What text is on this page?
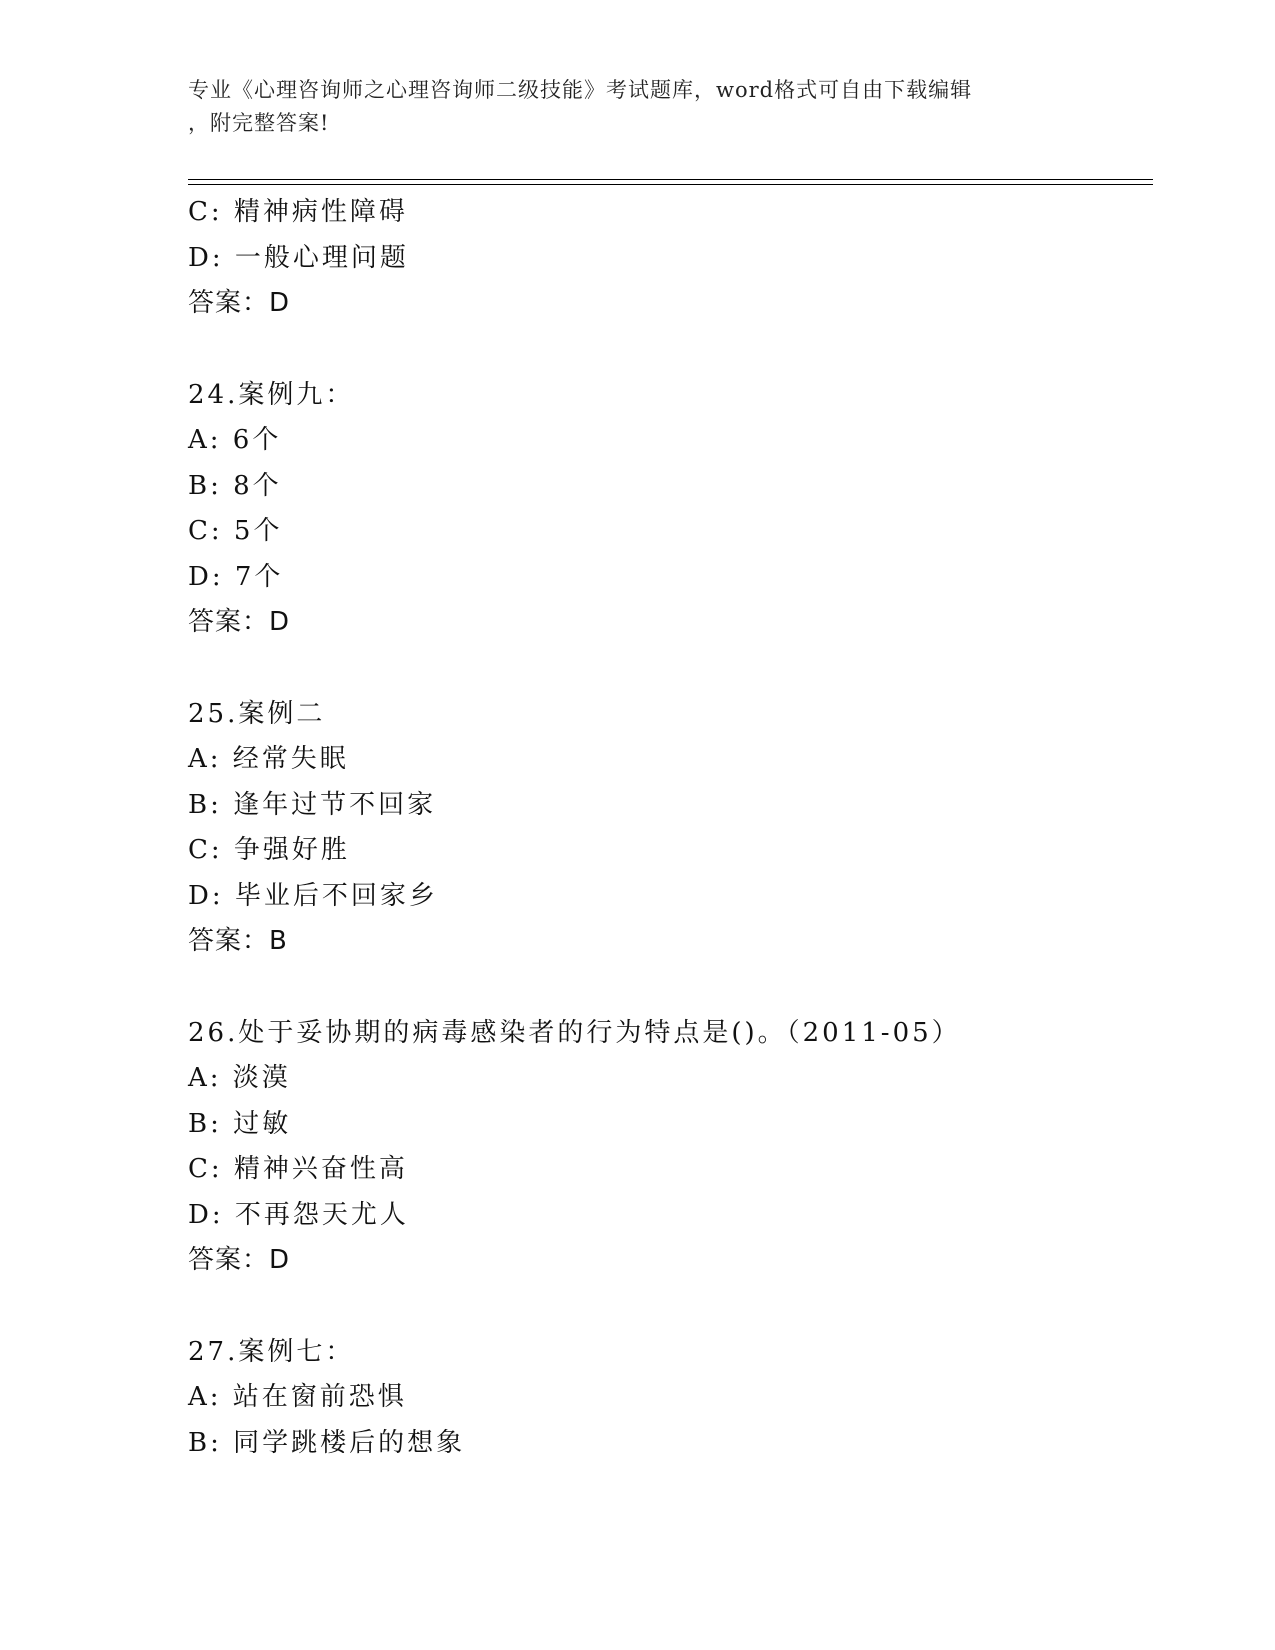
专业《心理咨询师之心理咨询师二级技能》考试题库，word格式可自由下载编辑
，附完整答案!
C: 精神病性障碍
D: 一般心理问题
答案：D
24.案例九：
A: 6个
B: 8个
C: 5个
D: 7个
答案：D
25.案例二
A: 经常失眠
B: 逢年过节不回家
C: 争强好胜
D: 毕业后不回家乡
答案：B
26.处于妥协期的病毒感染者的行为特点是()。（2011-05）
A: 淡漠
B: 过敏
C: 精神兴奋性高
D: 不再怨天尤人
答案：D
27.案例七：
A: 站在窗前恐惧
B: 同学跳楼后的想象
